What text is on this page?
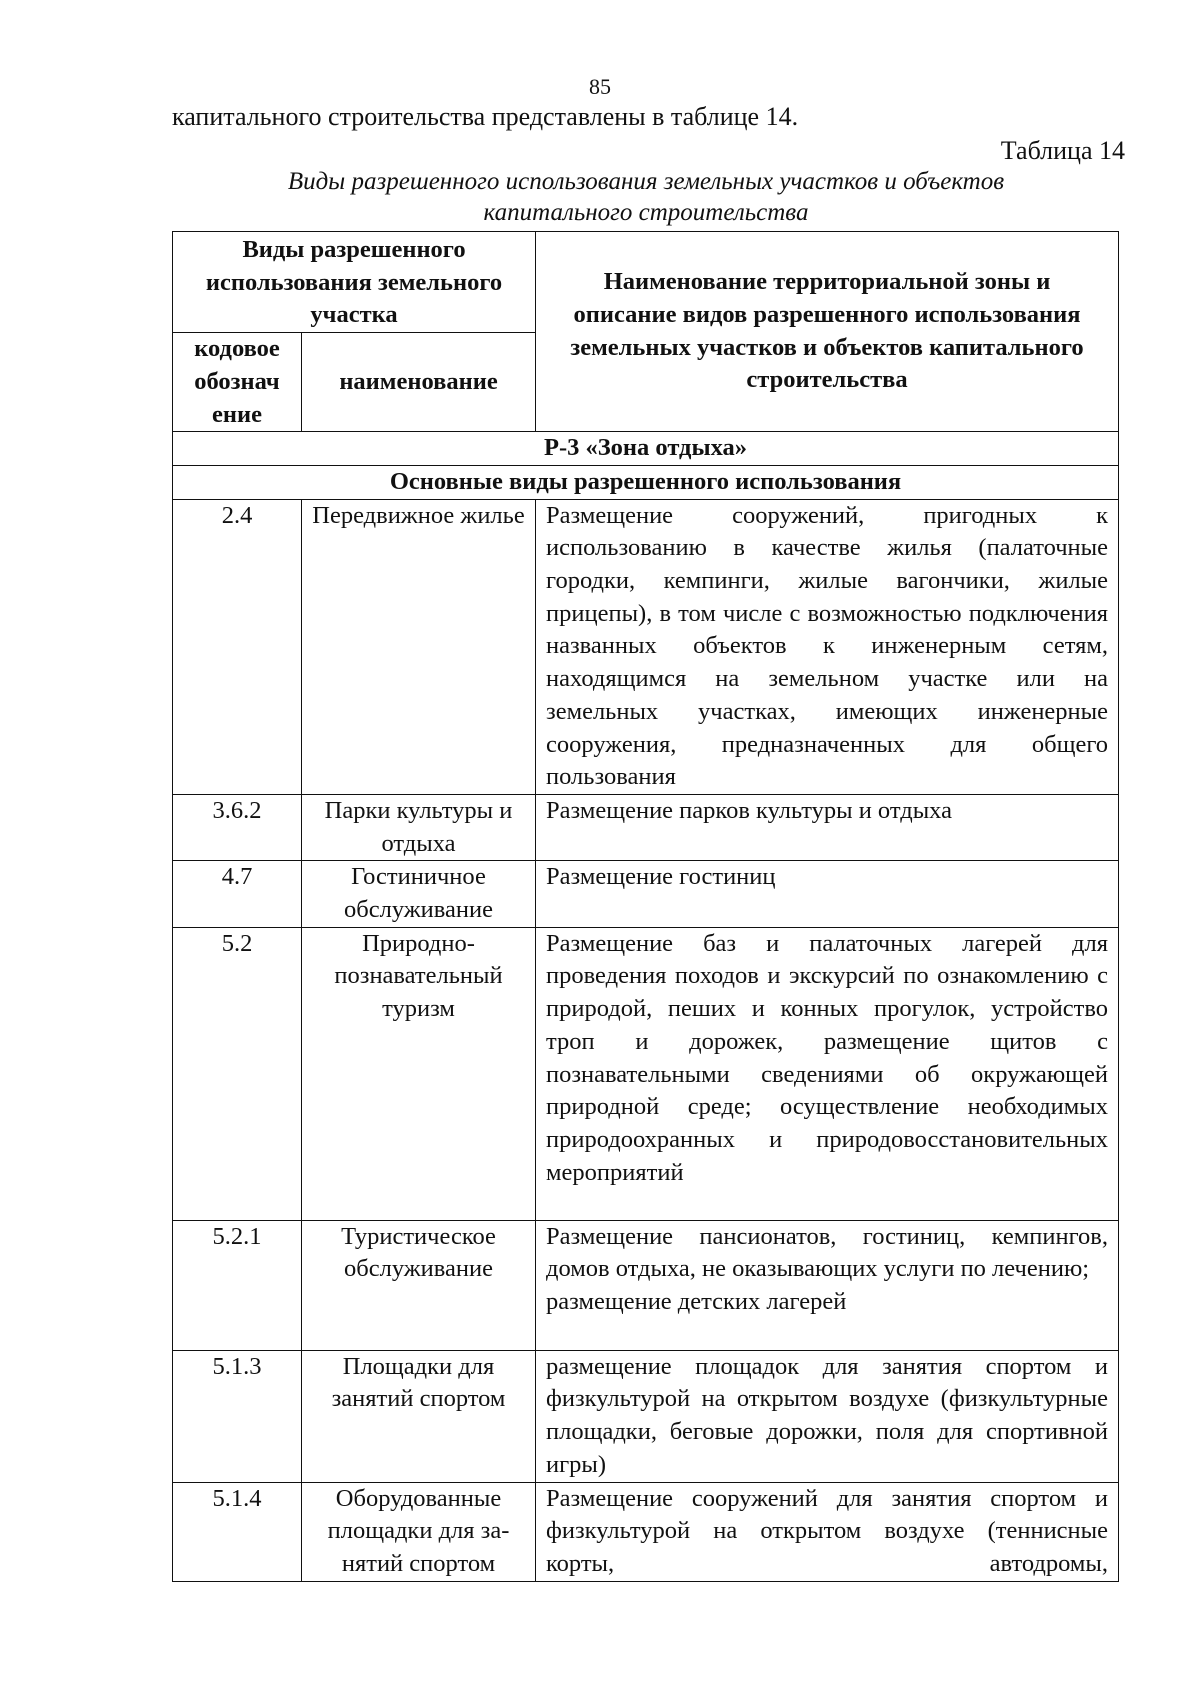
85
капитального строительства представлены в таблице 14.
Таблица 14
Виды разрешенного использования земельных участков и объектов
капитального строительства
Виды разрешенного использования земельного участка		Наименование территориальной зоны и описание видов разрешенного использования земельных участков и объектов капитального строительства
кодовое обознач ение	наименование	
Р-3 «Зона отдыха»		
Основные виды разрешенного использования		
2.4	Передвижное жилье	Размещение сооружений, пригодных к использованию в качестве жилья (палаточные городки, кемпинги, жилые вагончики, жилые прицепы), в том числе с возможностью подключения названных объектов к инженерным сетям, находящимся на земельном участке или на земельных участках, имеющих инженерные сооружения, предназначенных для общего пользования
3.6.2	Парки культуры и отдыха	Размещение парков культуры и отдыха
4.7	Гостиничное обслуживание	Размещение гостиниц
5.2	Природно-познавательный туризм	Размещение баз и палаточных лагерей для проведения походов и экскурсий по ознакомлению с природой, пеших и конных прогулок, устройство троп и дорожек, размещение щитов с познавательными сведениями об окружающей природной среде; осуществление необходимых природоохранных и природовосстановительных мероприятий
5.2.1	Туристическое обслуживание	Размещение пансионатов, гостиниц, кемпингов, домов отдыха, не оказывающих услуги по лечению;
размещение детских лагерей

5.1.3	Площадки для занятий спортом	размещение площадок для занятия спортом и физкультурой на открытом воздухе (физкультурные площадки, беговые дорожки, поля для спортивной игры)
5.1.4	Оборудованные площадки для за-нятий спортом	Размещение сооружений для занятия спортом и физкультурой на открытом воздухе (теннисные корты, автодромы,
